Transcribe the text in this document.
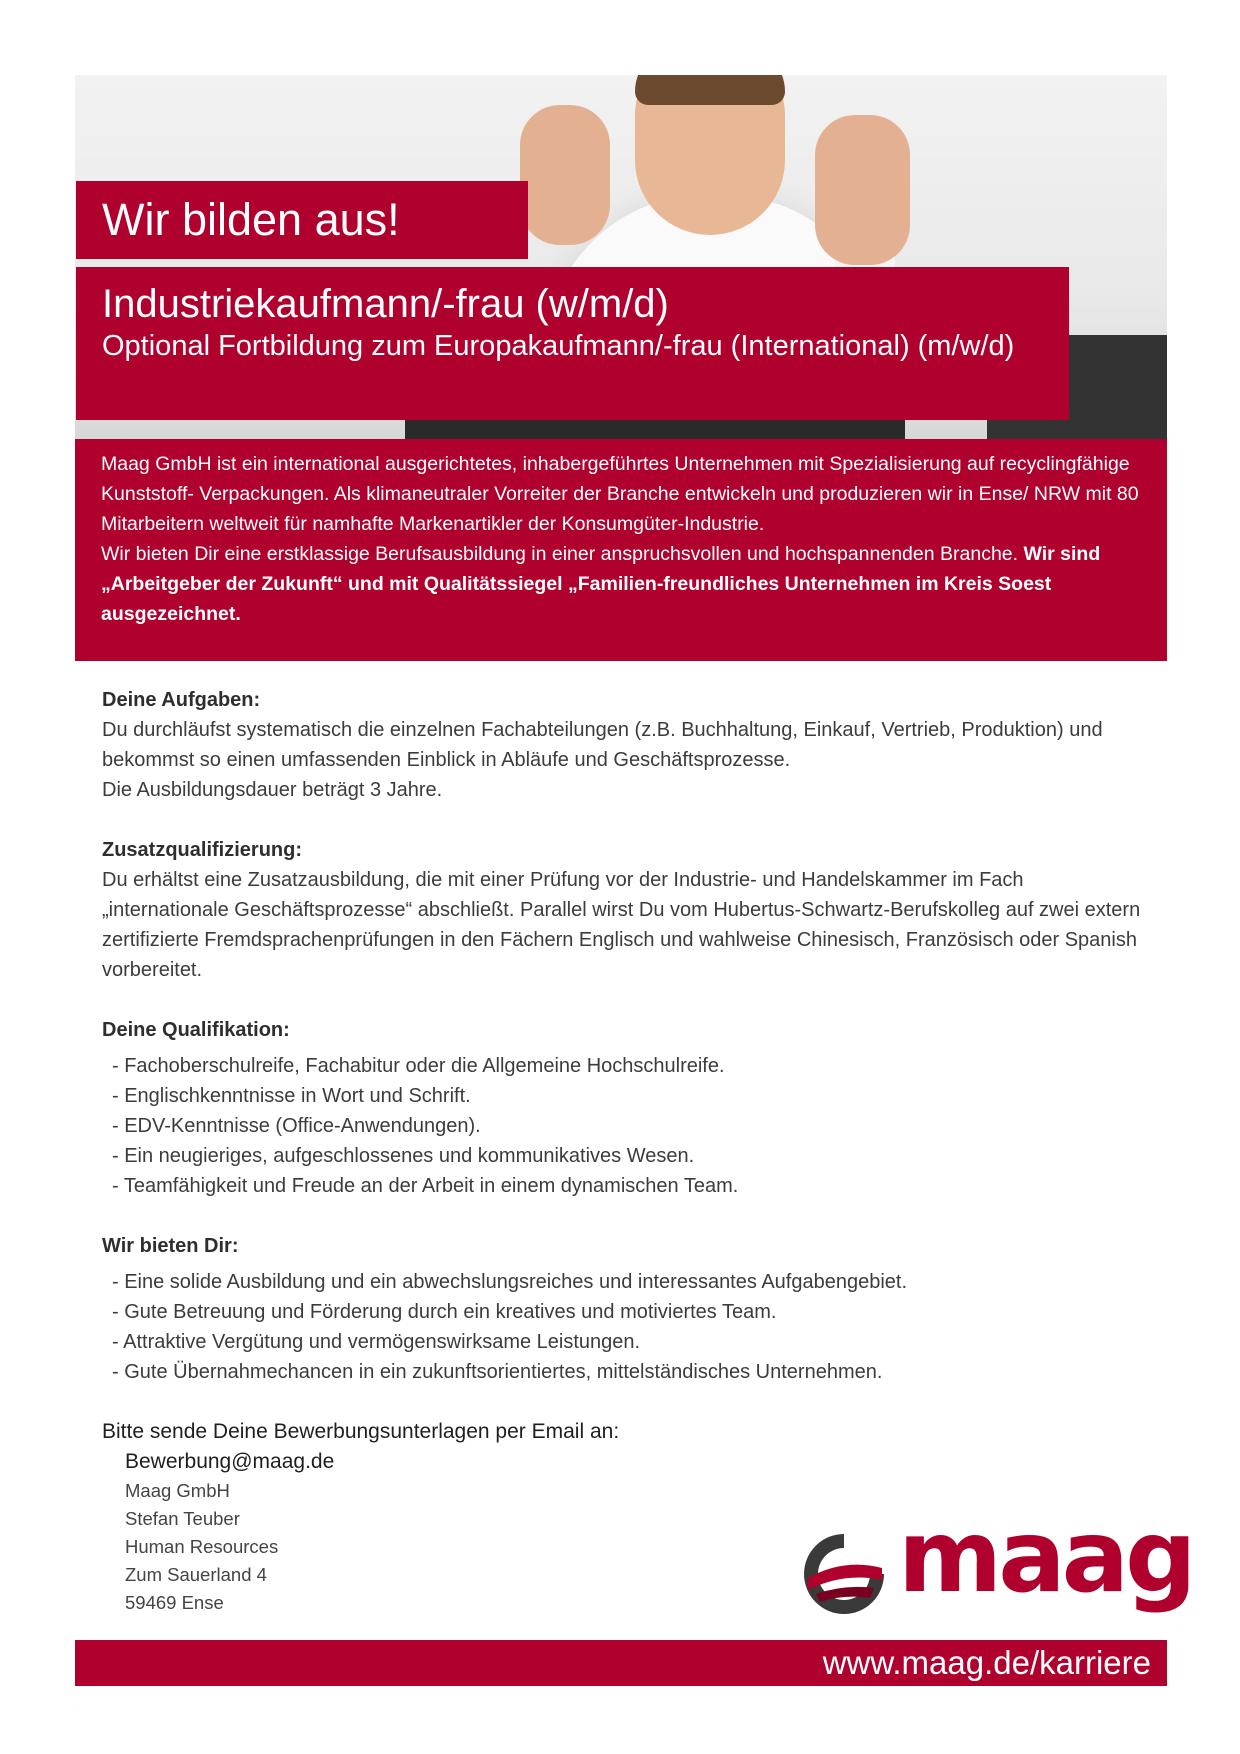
Wir bilden aus!
Industriekaufmann/-frau (w/m/d)
Optional Fortbildung zum Europakaufmann/-frau (International) (m/w/d)

Maag GmbH ist ein international ausgerichtetes, inhabergeführtes Unternehmen mit Spezialisierung auf recyclingfähige Kunststoff- Verpackungen. Als klimaneutraler Vorreiter der Branche entwickeln und produzieren wir in Ense/ NRW mit 80 Mitarbeitern weltweit für namhafte Markenartikler der Konsumgüter-Industrie.

Wir bieten Dir eine erstklassige Berufsausbildung in einer anspruchsvollen und hochspannenden Branche. Wir sind „Arbeitgeber der Zukunft“ und mit Qualitätssiegel „Familien-freundliches Unternehmen im Kreis Soest ausgezeichnet.

Deine Aufgaben:

Du durchläufst systematisch die einzelnen Fachabteilungen (z.B. Buchhaltung, Einkauf, Vertrieb, Produktion) und bekommst so einen umfassenden Einblick in Abläufe und Geschäftsprozesse.

Die Ausbildungsdauer beträgt 3 Jahre.

Zusatzqualifizierung:

Du erhältst eine Zusatzausbildung, die mit einer Prüfung vor der Industrie- und Handelskammer im Fach „internationale Geschäftsprozesse“ abschließt. Parallel wirst Du vom Hubertus-Schwartz-Berufskolleg auf zwei extern zertifizierte Fremdsprachenprüfungen in den Fächern Englisch und wahlweise Chinesisch, Französisch oder Spanish vorbereitet.

Deine Qualifikation:
- Fachoberschulreife, Fachabitur oder die Allgemeine Hochschulreife.
- Englischkenntnisse in Wort und Schrift.
- EDV-Kenntnisse (Office-Anwendungen).
- Ein neugieriges, aufgeschlossenes und kommunikatives Wesen.
- Teamfähigkeit und Freude an der Arbeit in einem dynamischen Team.
Wir bieten Dir:
- Eine solide Ausbildung und ein abwechslungsreiches und interessantes Aufgabengebiet.
- Gute Betreuung und Förderung durch ein kreatives und motiviertes Team.
- Attraktive Vergütung und vermögenswirksame Leistungen.
- Gute Übernahmechancen in ein zukunftsorientiertes, mittelständisches Unternehmen.

Bitte sende Deine Bewerbungsunterlagen per Email an:

Bewerbung@maag.de
Maag GmbH
Stefan Teuber
Human Resources
Zum Sauerland 4
59469 Ense	maag
www.maag.de/karriere
